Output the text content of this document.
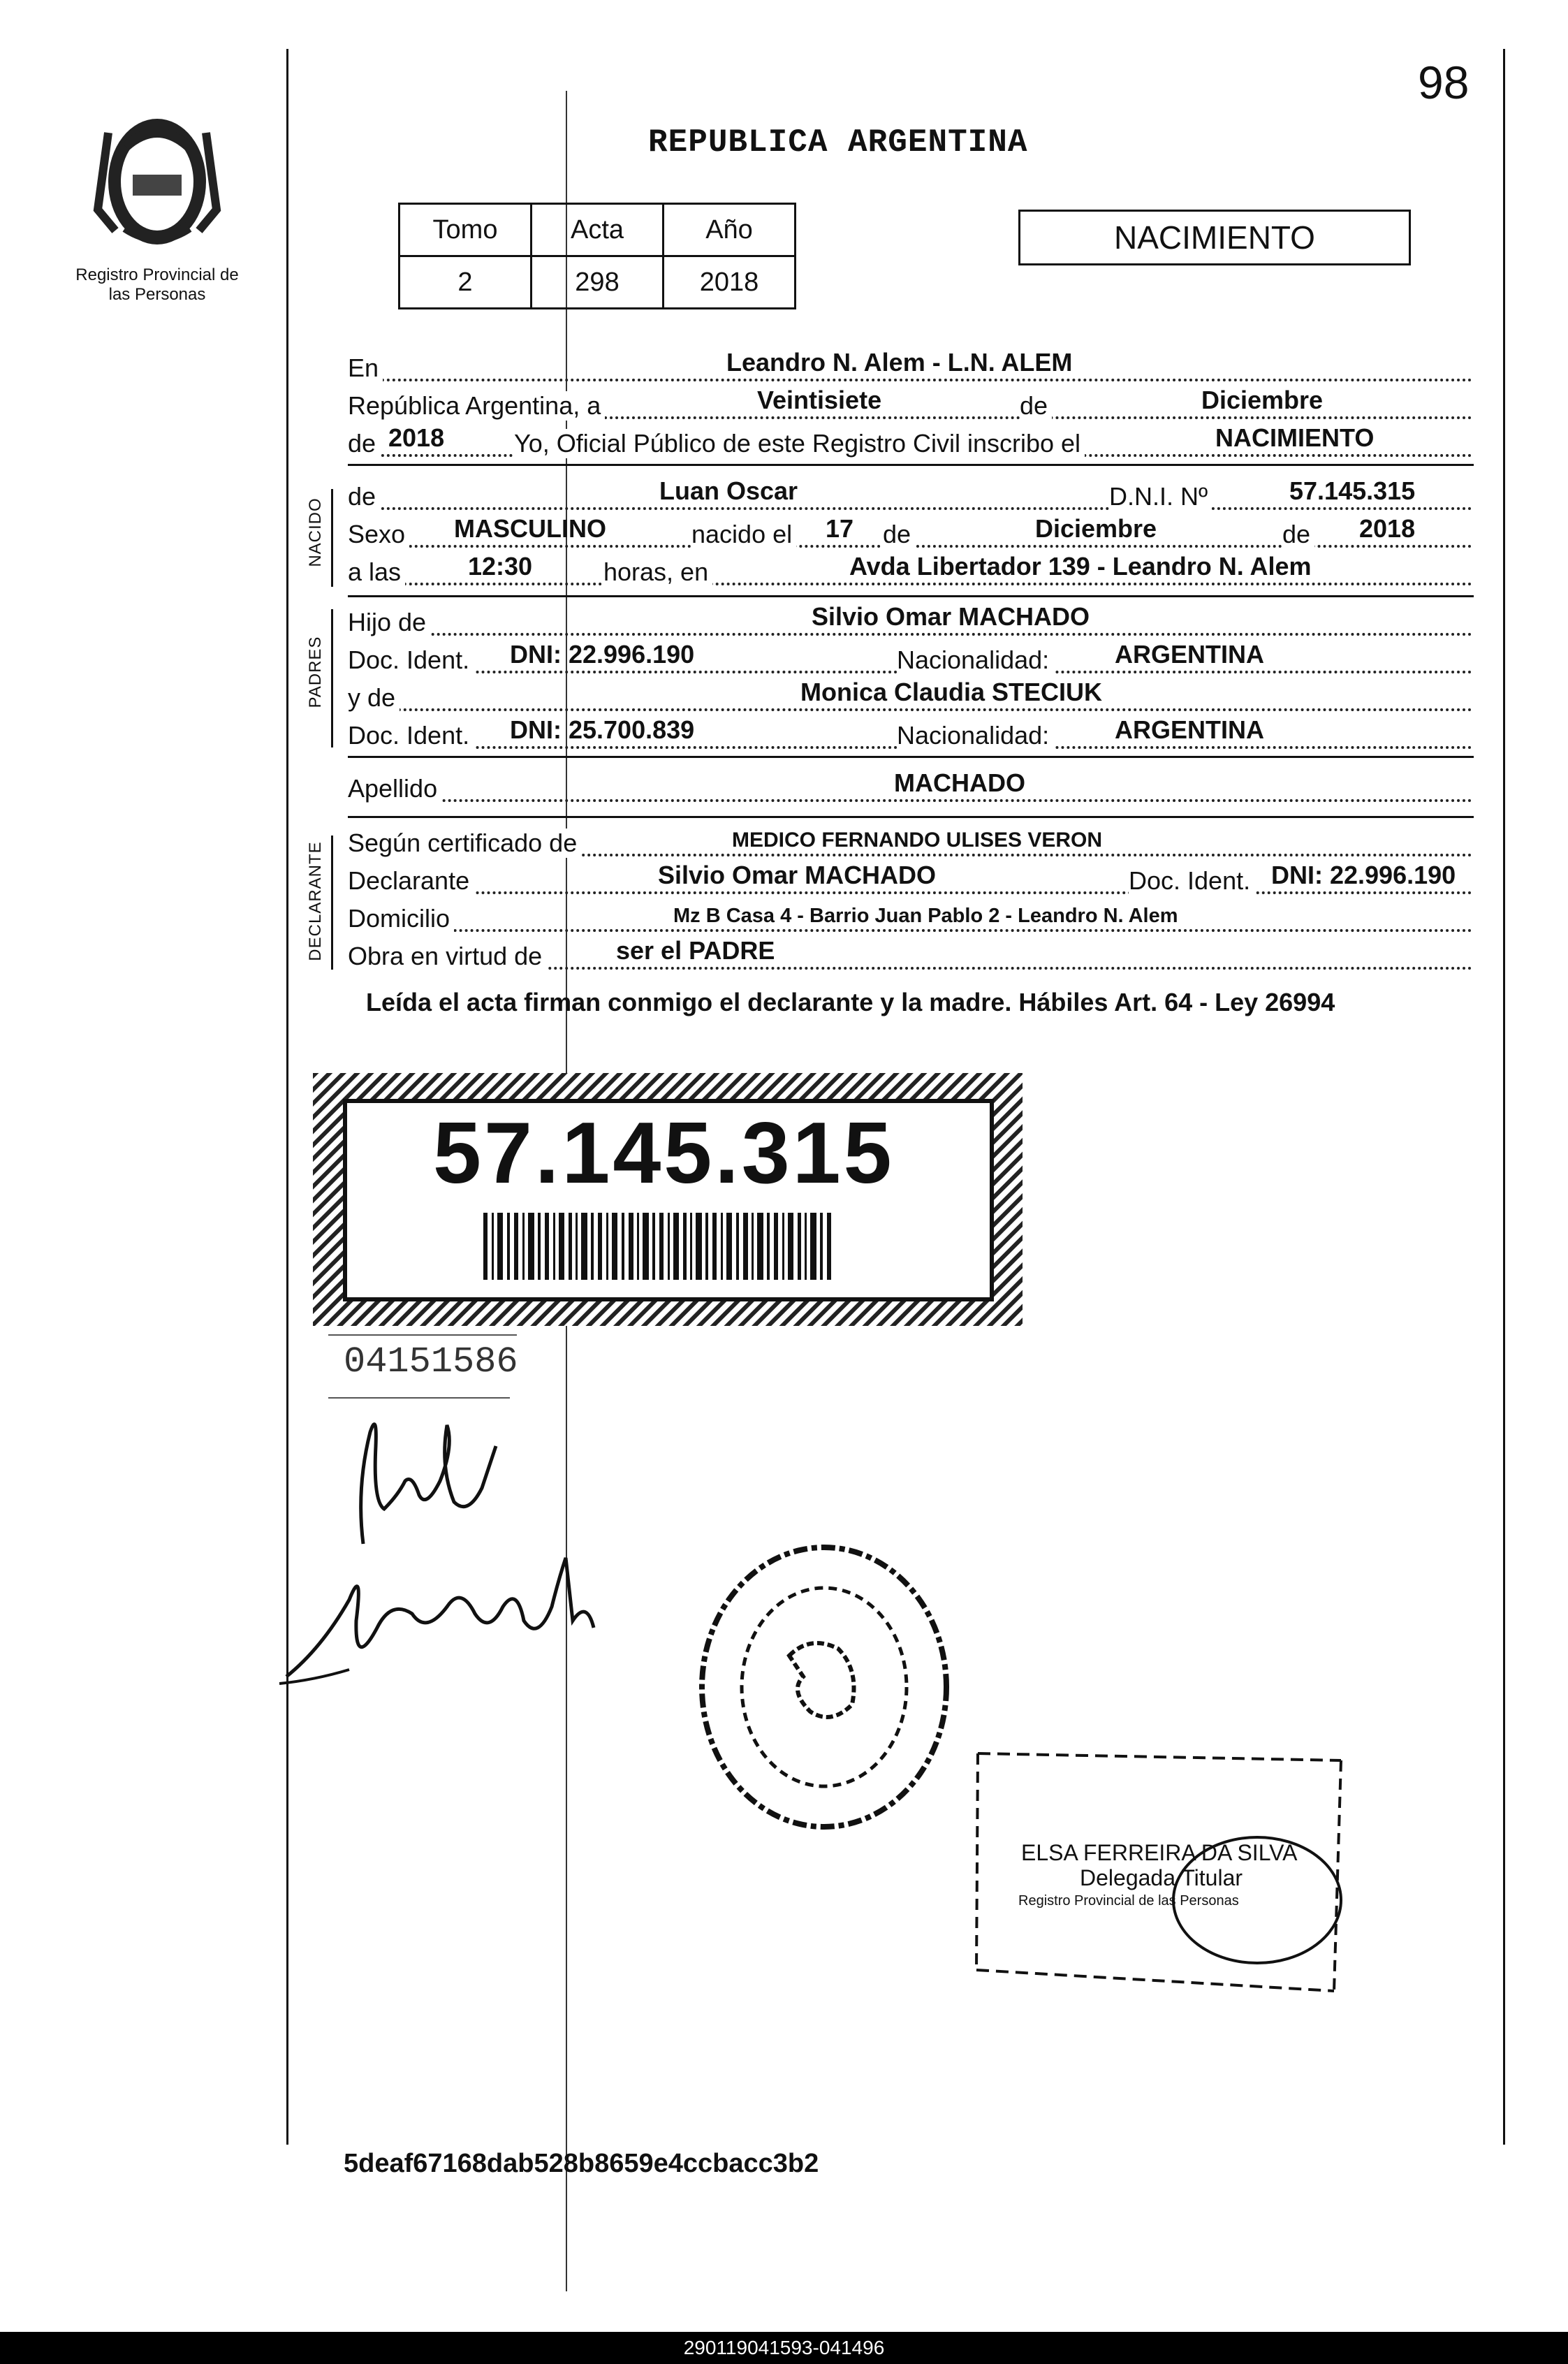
98
REPUBLICA ARGENTINA
Registro Provincial de las Personas
Tomo	Acta	Año
2	298	2018
NACIMIENTO
En	Leandro N. Alem - L.N. ALEM
República Argentina, a	Veintisiete	de	Diciembre
de 2018	Yo, Oficial Público de este Registro Civil inscribo el	NACIMIENTO
NACIDO
de	Luan Oscar	D.N.I. Nº	57.145.315
Sexo MASCULINO	nacido el 17 de	Diciembre	de 2018
a las	12:30	horas, en	Avda Libertador 139 - Leandro N. Alem
PADRES
Hijo de	Silvio Omar MACHADO
Doc. Ident. DNI: 22.996.190	Nacionalidad:	ARGENTINA
y de	Monica Claudia STECIUK
Doc. Ident. DNI: 25.700.839	Nacionalidad:	ARGENTINA
Apellido	MACHADO
DECLARANTE Según certificado de	MEDICO FERNANDO ULISES VERON
Declarante	Silvio Omar MACHADO	Doc. Ident. DNI: 22.996.190
Domicilio	Mz B Casa 4 - Barrio Juan Pablo 2 - Leandro N. Alem
Obra en virtud de	ser el PADRE
Leída el acta firman conmigo el declarante y la madre. Hábiles Art. 64 - Ley 26994
57.145.315
04151586
ELSA FERREIRA DA SILVA
Delegada Titular
Registro Provincial de las Personas
5deaf67168dab528b8659e4ccbacc3b2
290119041593-041496
